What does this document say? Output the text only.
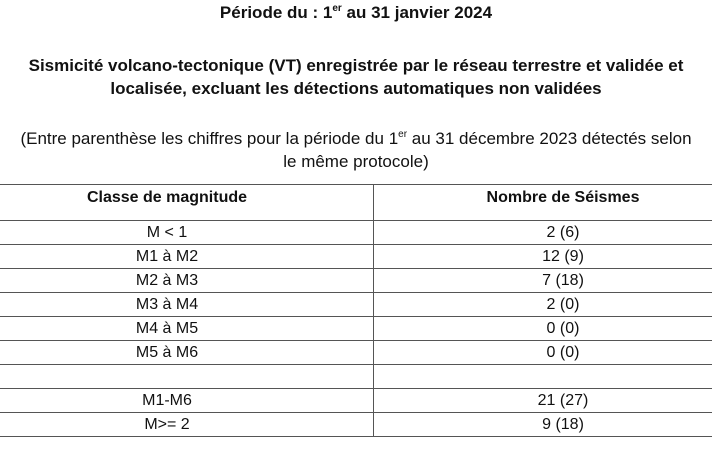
Période du : 1er au 31 janvier 2024
Sismicité volcano-tectonique (VT) enregistrée par le réseau terrestre et validée et
localisée, excluant les détections automatiques non validées
(Entre parenthèse les chiffres pour la période du 1er au 31 décembre 2023 détectés selon
le même protocole)
Classe de magnitude	Nombre de Séismes
M < 1	2 (6)
M1 à M2	12 (9)
M2 à M3	7 (18)
M3 à M4	2 (0)
M4 à M5	0 (0)
M5 à M6	0 (0)

M1-M6	21 (27)
M>= 2	9 (18)
